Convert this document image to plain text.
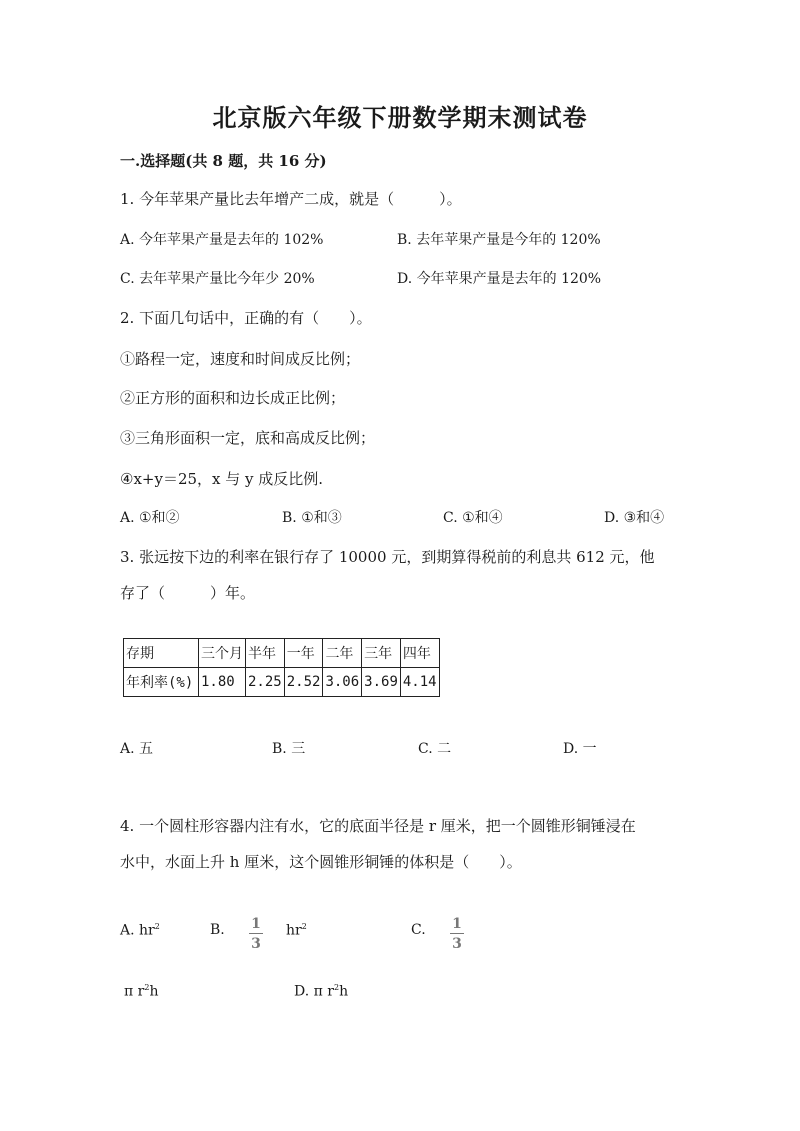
北京版六年级下册数学期末测试卷
一.选择题(共 8 题，共 16 分)
1. 今年苹果产量比去年增产二成，就是（　　　）。
A. 今年苹果产量是去年的 102%	B. 去年苹果产量是今年的 120%
C. 去年苹果产量比今年少 20%	D. 今年苹果产量是去年的 120%
2. 下面几句话中，正确的有（　　）。
①路程一定，速度和时间成反比例；
②正方形的面积和边长成正比例；
③三角形面积一定，底和高成反比例；
④x+y＝25，x 与 y 成反比例.
A. ①和②	B. ①和③	C. ①和④	D. ③和④
3. 张远按下边的利率在银行存了 10000 元，到期算得税前的利息共 612 元，他
存了（　　　）年。
存期	三个月	半年	一年	二年	三年	四年
年利率(%)	1.80	2.25	2.52	3.06	3.69	4.14
A. 五	B. 三	C. 二	D. 一
4. 一个圆柱形容器内注有水，它的底面半径是 r 厘米，把一个圆锥形铜锤浸在
水中，水面上升 h 厘米，这个圆锥形铜锤的体积是（　　）。
A. $hr^2$	B. 1
3
$hr^2$	C. 1
3
π $r^2h$	D. π $r^2h$
